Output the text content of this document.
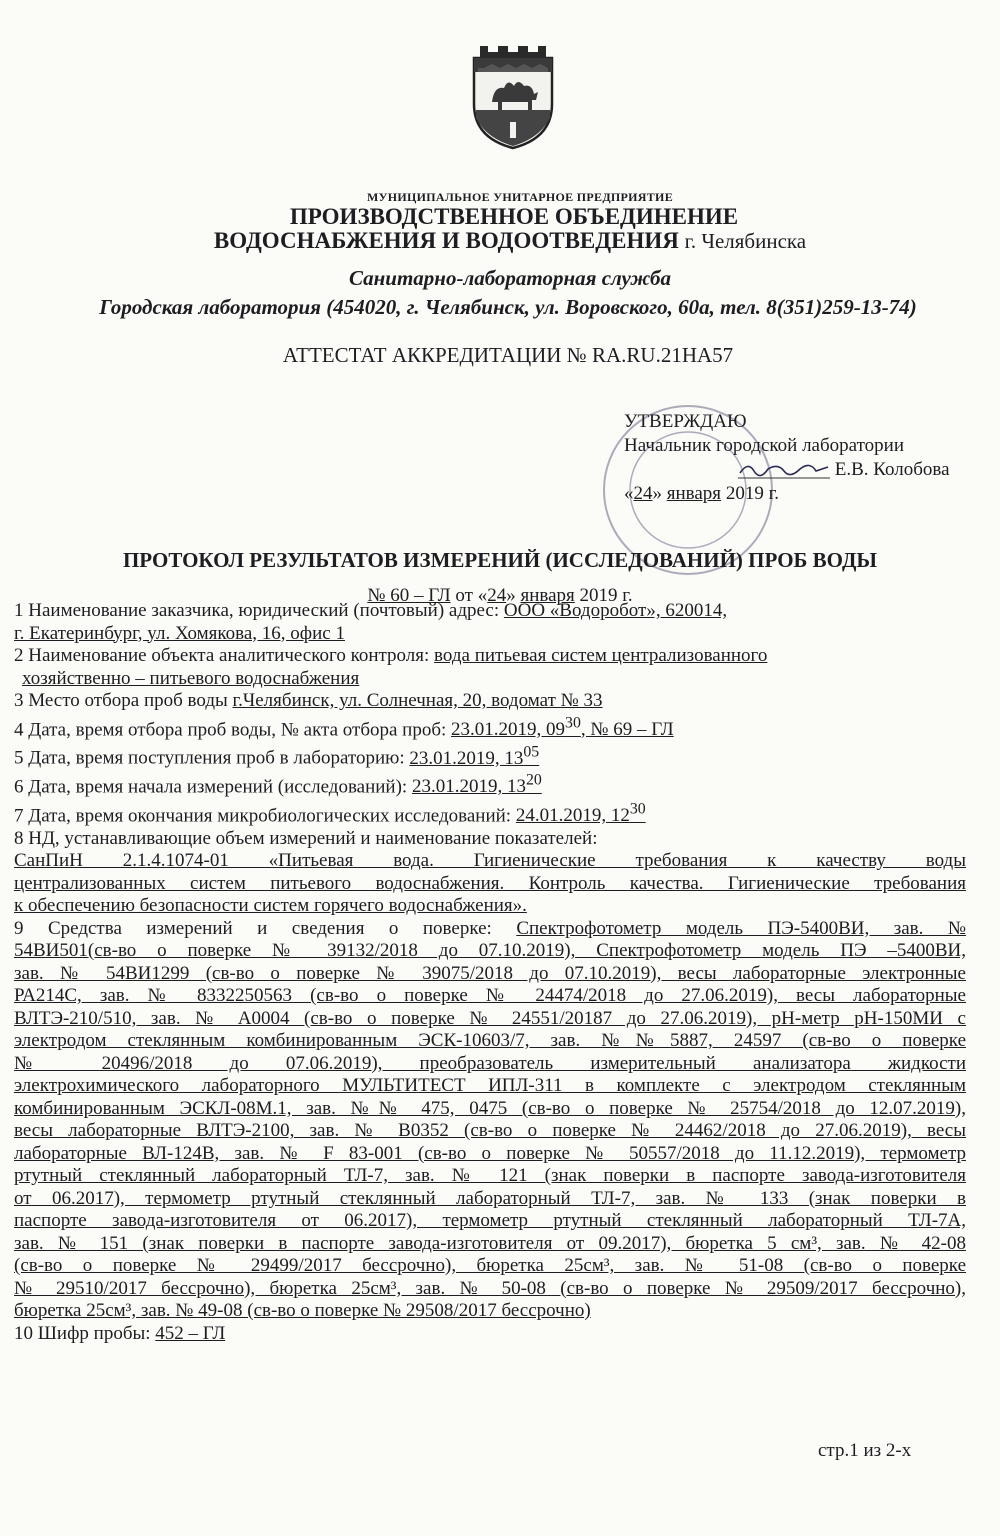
МУНИЦИПАЛЬНОЕ УНИТАРНОЕ ПРЕДПРИЯТИЕ
ПРОИЗВОДСТВЕННОЕ ОБЪЕДИНЕНИЕ
ВОДОСНАБЖЕНИЯ И ВОДООТВЕДЕНИЯ г. Челябинска
Санитарно-лабораторная служба
Городская лаборатория (454020, г. Челябинск, ул. Воровского, 60а, тел. 8(351)259-13-74)
АТТЕСТАТ АККРЕДИТАЦИИ № RA.RU.21НА57
УТВЕРЖДАЮ
Начальник городской лаборатории
Е.В. Колобова
«24» января 2019 г.
ПРОТОКОЛ РЕЗУЛЬТАТОВ ИЗМЕРЕНИЙ (ИССЛЕДОВАНИЙ) ПРОБ ВОДЫ
№ 60 – ГЛ от «24» января 2019 г.
1 Наименование заказчика, юридический (почтовый) адрес: ООО «Водоробот», 620014,
г. Екатеринбург, ул. Хомякова, 16, офис 1
2 Наименование объекта аналитического контроля: вода питьевая систем централизованного
хозяйственно – питьевого водоснабжения
3 Место отбора проб воды г.Челябинск, ул. Солнечная, 20, водомат № 33
4 Дата, время отбора проб воды, № акта отбора проб: 23.01.2019, $09^{30}$, № 69 – ГЛ
5 Дата, время поступления проб в лабораторию: 23.01.2019, $13^{05}$
6 Дата, время начала измерений (исследований): 23.01.2019, $13^{20}$
7 Дата, время окончания микробиологических исследований: 24.01.2019, $12^{30}$
8 НД, устанавливающие объем измерений и наименование показателей:
СанПиН 2.1.4.1074-01 «Питьевая вода. Гигиенические требования к качеству воды
централизованных систем питьевого водоснабжения. Контроль качества. Гигиенические требования
к обеспечению безопасности систем горячего водоснабжения».
9 Средства измерений и сведения о поверке: Спектрофотометр модель ПЭ-5400ВИ, зав. №
54ВИ501(св-во о поверке № 39132/2018 до 07.10.2019), Спектрофотометр модель ПЭ –5400ВИ,
зав. № 54ВИ1299 (св-во о поверке № 39075/2018 до 07.10.2019), весы лабораторные электронные
РА214С, зав. № 8332250563 (св-во о поверке № 24474/2018 до 27.06.2019), весы лабораторные
ВЛТЭ-210/510, зав. № А0004 (св-во о поверке № 24551/20187 до 27.06.2019), рН-метр рН-150МИ с
электродом стеклянным комбинированным ЭСК-10603/7, зав. №№5887, 24597 (св-во о поверке
№ 20496/2018 до 07.06.2019), преобразователь измерительный анализатора жидкости
электрохимического лабораторного МУЛЬТИТЕСТ ИПЛ-311 в комплекте с электродом стеклянным
комбинированным ЭСКЛ-08М.1, зав. №№ 475, 0475 (св-во о поверке № 25754/2018 до 12.07.2019),
весы лабораторные ВЛТЭ-2100, зав. № В0352 (св-во о поверке № 24462/2018 до 27.06.2019), весы
лабораторные ВЛ-124В, зав. № F 83-001 (св-во о поверке № 50557/2018 до 11.12.2019), термометр
ртутный стеклянный лабораторный ТЛ-7, зав. № 121 (знак поверки в паспорте завода-изготовителя
от 06.2017), термометр ртутный стеклянный лабораторный ТЛ-7, зав. № 133 (знак поверки в
паспорте завода-изготовителя от 06.2017), термометр ртутный стеклянный лабораторный ТЛ-7А,
зав. № 151 (знак поверки в паспорте завода-изготовителя от 09.2017), бюретка 5 см³, зав. № 42-08
(св-во о поверке № 29499/2017 бессрочно), бюретка 25см³, зав. № 51-08 (св-во о поверке
№ 29510/2017 бессрочно), бюретка 25см³, зав. № 50-08 (св-во о поверке № 29509/2017 бессрочно),
бюретка 25см³, зав. № 49-08 (св-во о поверке № 29508/2017 бессрочно)
10 Шифр пробы: 452 – ГЛ
стр.1 из 2-х
